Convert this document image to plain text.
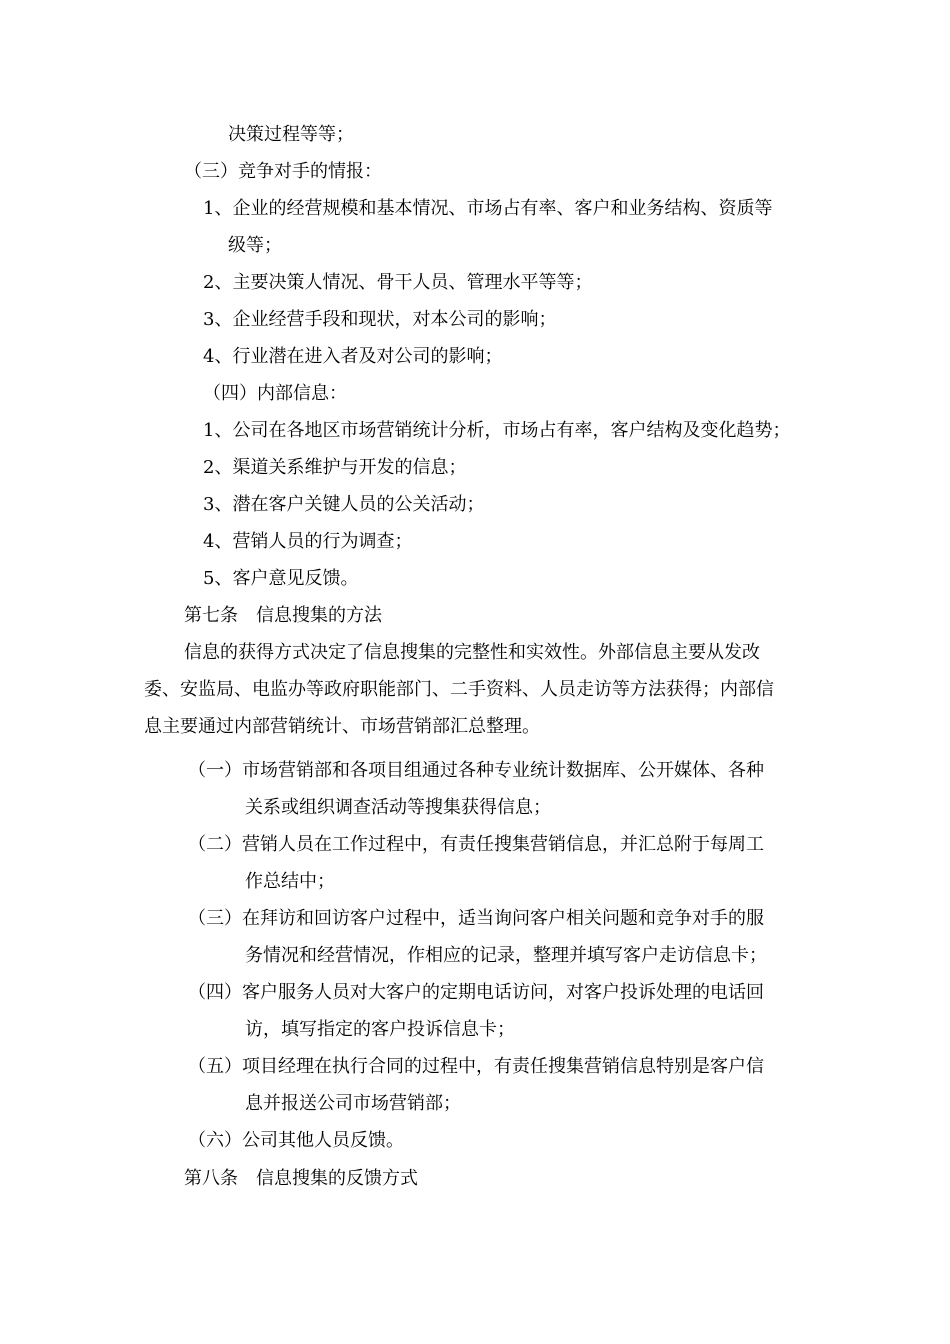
决策过程等等；
（三）竞争对手的情报：
1、企业的经营规模和基本情况、市场占有率、客户和业务结构、资质等
级等；
2、主要决策人情况、骨干人员、管理水平等等；
3、企业经营手段和现状，对本公司的影响；
4、行业潜在进入者及对公司的影响；
（四）内部信息：
1、公司在各地区市场营销统计分析，市场占有率，客户结构及变化趋势；
2、渠道关系维护与开发的信息；
3、潜在客户关键人员的公关活动；
4、营销人员的行为调查；
5、客户意见反馈。
第七条　信息搜集的方法
信息的获得方式决定了信息搜集的完整性和实效性。外部信息主要从发改
委、安监局、电监办等政府职能部门、二手资料、人员走访等方法获得；内部信
息主要通过内部营销统计、市场营销部汇总整理。
（一）市场营销部和各项目组通过各种专业统计数据库、公开媒体、各种
关系或组织调查活动等搜集获得信息；
（二）营销人员在工作过程中，有责任搜集营销信息，并汇总附于每周工
作总结中；
（三）在拜访和回访客户过程中，适当询问客户相关问题和竞争对手的服
务情况和经营情况，作相应的记录，整理并填写客户走访信息卡；
（四）客户服务人员对大客户的定期电话访问，对客户投诉处理的电话回
访，填写指定的客户投诉信息卡；
（五）项目经理在执行合同的过程中，有责任搜集营销信息特别是客户信
息并报送公司市场营销部；
（六）公司其他人员反馈。
第八条　信息搜集的反馈方式
